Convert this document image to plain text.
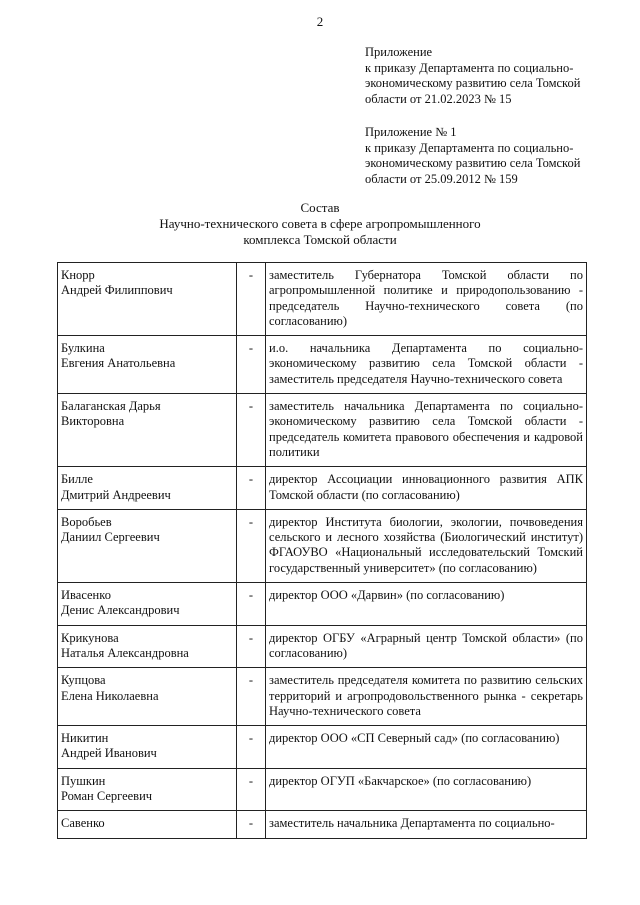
2
Приложение
к приказу Департамента по социально-
экономическому развитию села Томской
области от 21.02.2023 № 15
Приложение № 1
к приказу Департамента по социально-
экономическому развитию села Томской
области от 25.09.2012 № 159
Состав
Научно-технического совета в сфере агропромышленного
комплекса Томской области
Кнорр
Андрей Филиппович	-	заместитель Губернатора Томской области по агропромышленной политике и природопользованию - председатель Научно-технического совета (по согласованию)

Булкина
Евгения Анатольевна	-	и.о. начальника Департамента по социально-экономическому развитию села Томской области - заместитель председателя Научно-технического совета

Балаганская Дарья
Викторовна	-	заместитель начальника Департамента по социально-экономическому развитию села Томской области - председатель комитета правового обеспечения и кадровой политики

Билле
Дмитрий Андреевич	-	директор Ассоциации инновационного развития АПК Томской области (по согласованию)

Воробьев
Даниил Сергеевич	-	директор Института биологии, экологии, почвоведения сельского и лесного хозяйства (Биологический институт) ФГАОУВО «Национальный исследовательский Томский государственный университет» (по согласованию)

Ивасенко
Денис Александрович	-	директор ООО «Дарвин» (по согласованию)

Крикунова
Наталья Александровна	-	директор ОГБУ «Аграрный центр Томской области» (по согласованию)

Купцова
Елена Николаевна	-	заместитель председателя комитета по развитию сельских территорий и агропродовольственного рынка - секретарь Научно-технического совета

Никитин
Андрей Иванович	-	директор ООО «СП Северный сад» (по согласованию)

Пушкин
Роман Сергеевич	-	директор ОГУП «Бакчарское» (по согласованию)

Савенко	-	заместитель начальника Департамента по социально-
